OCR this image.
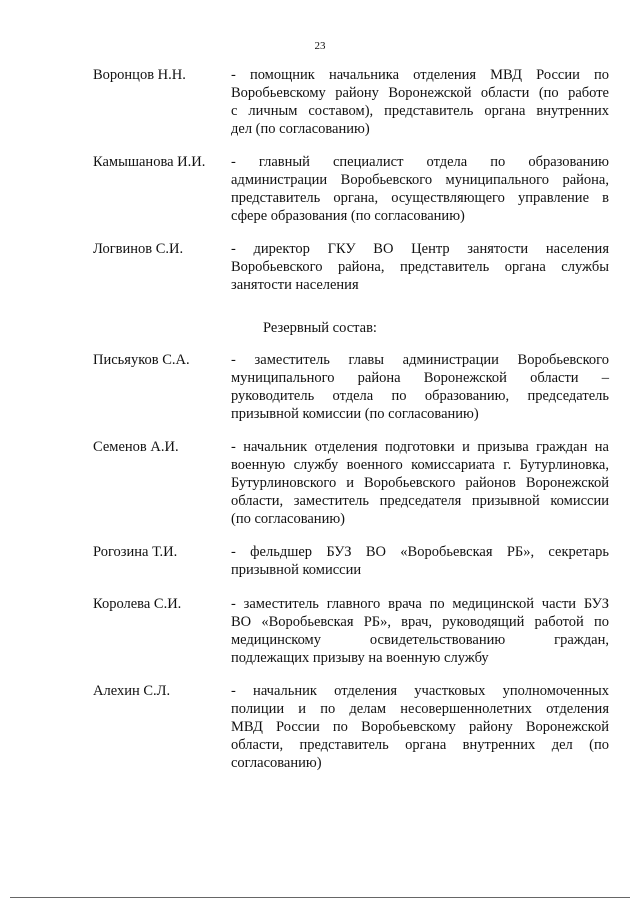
23
Воронцов Н.Н.	- помощник начальника отделения МВД России по
Воробьевскому району Воронежской области (по работе
с личным составом), представитель органа внутренних
дел (по согласованию)
Камышанова И.И. - главный специалист отдела по образованию
администрации Воробьевского муниципального района,
представитель органа, осуществляющего управление в
сфере образования (по согласованию)
Логвинов С.И.	- директор ГКУ ВО Центр занятости населения
Воробьевского района, представитель органа службы
занятости населения
Резервный состав:
Письяуков С.А.	- заместитель главы администрации Воробьевского
муниципального района Воронежской области –
руководитель отдела по образованию, председатель
призывной комиссии (по согласованию)
Семенов А.И.	- начальник отделения подготовки и призыва граждан на
военную службу военного комиссариата г. Бутурлиновка,
Бутурлиновского и Воробьевского районов Воронежской
области, заместитель председателя призывной комиссии
(по согласованию)
Рогозина Т.И.	- фельдшер БУЗ ВО «Воробьевская РБ», секретарь
призывной комиссии
Королева С.И.	- заместитель главного врача по медицинской части БУЗ
ВО «Воробьевская РБ», врач, руководящий работой по
медицинскому освидетельствованию граждан,
подлежащих призыву на военную службу
Алехин С.Л.	- начальник отделения участковых уполномоченных
полиции и по делам несовершеннолетних отделения
МВД России по Воробьевскому району Воронежской
области, представитель органа внутренних дел (по
согласованию)
